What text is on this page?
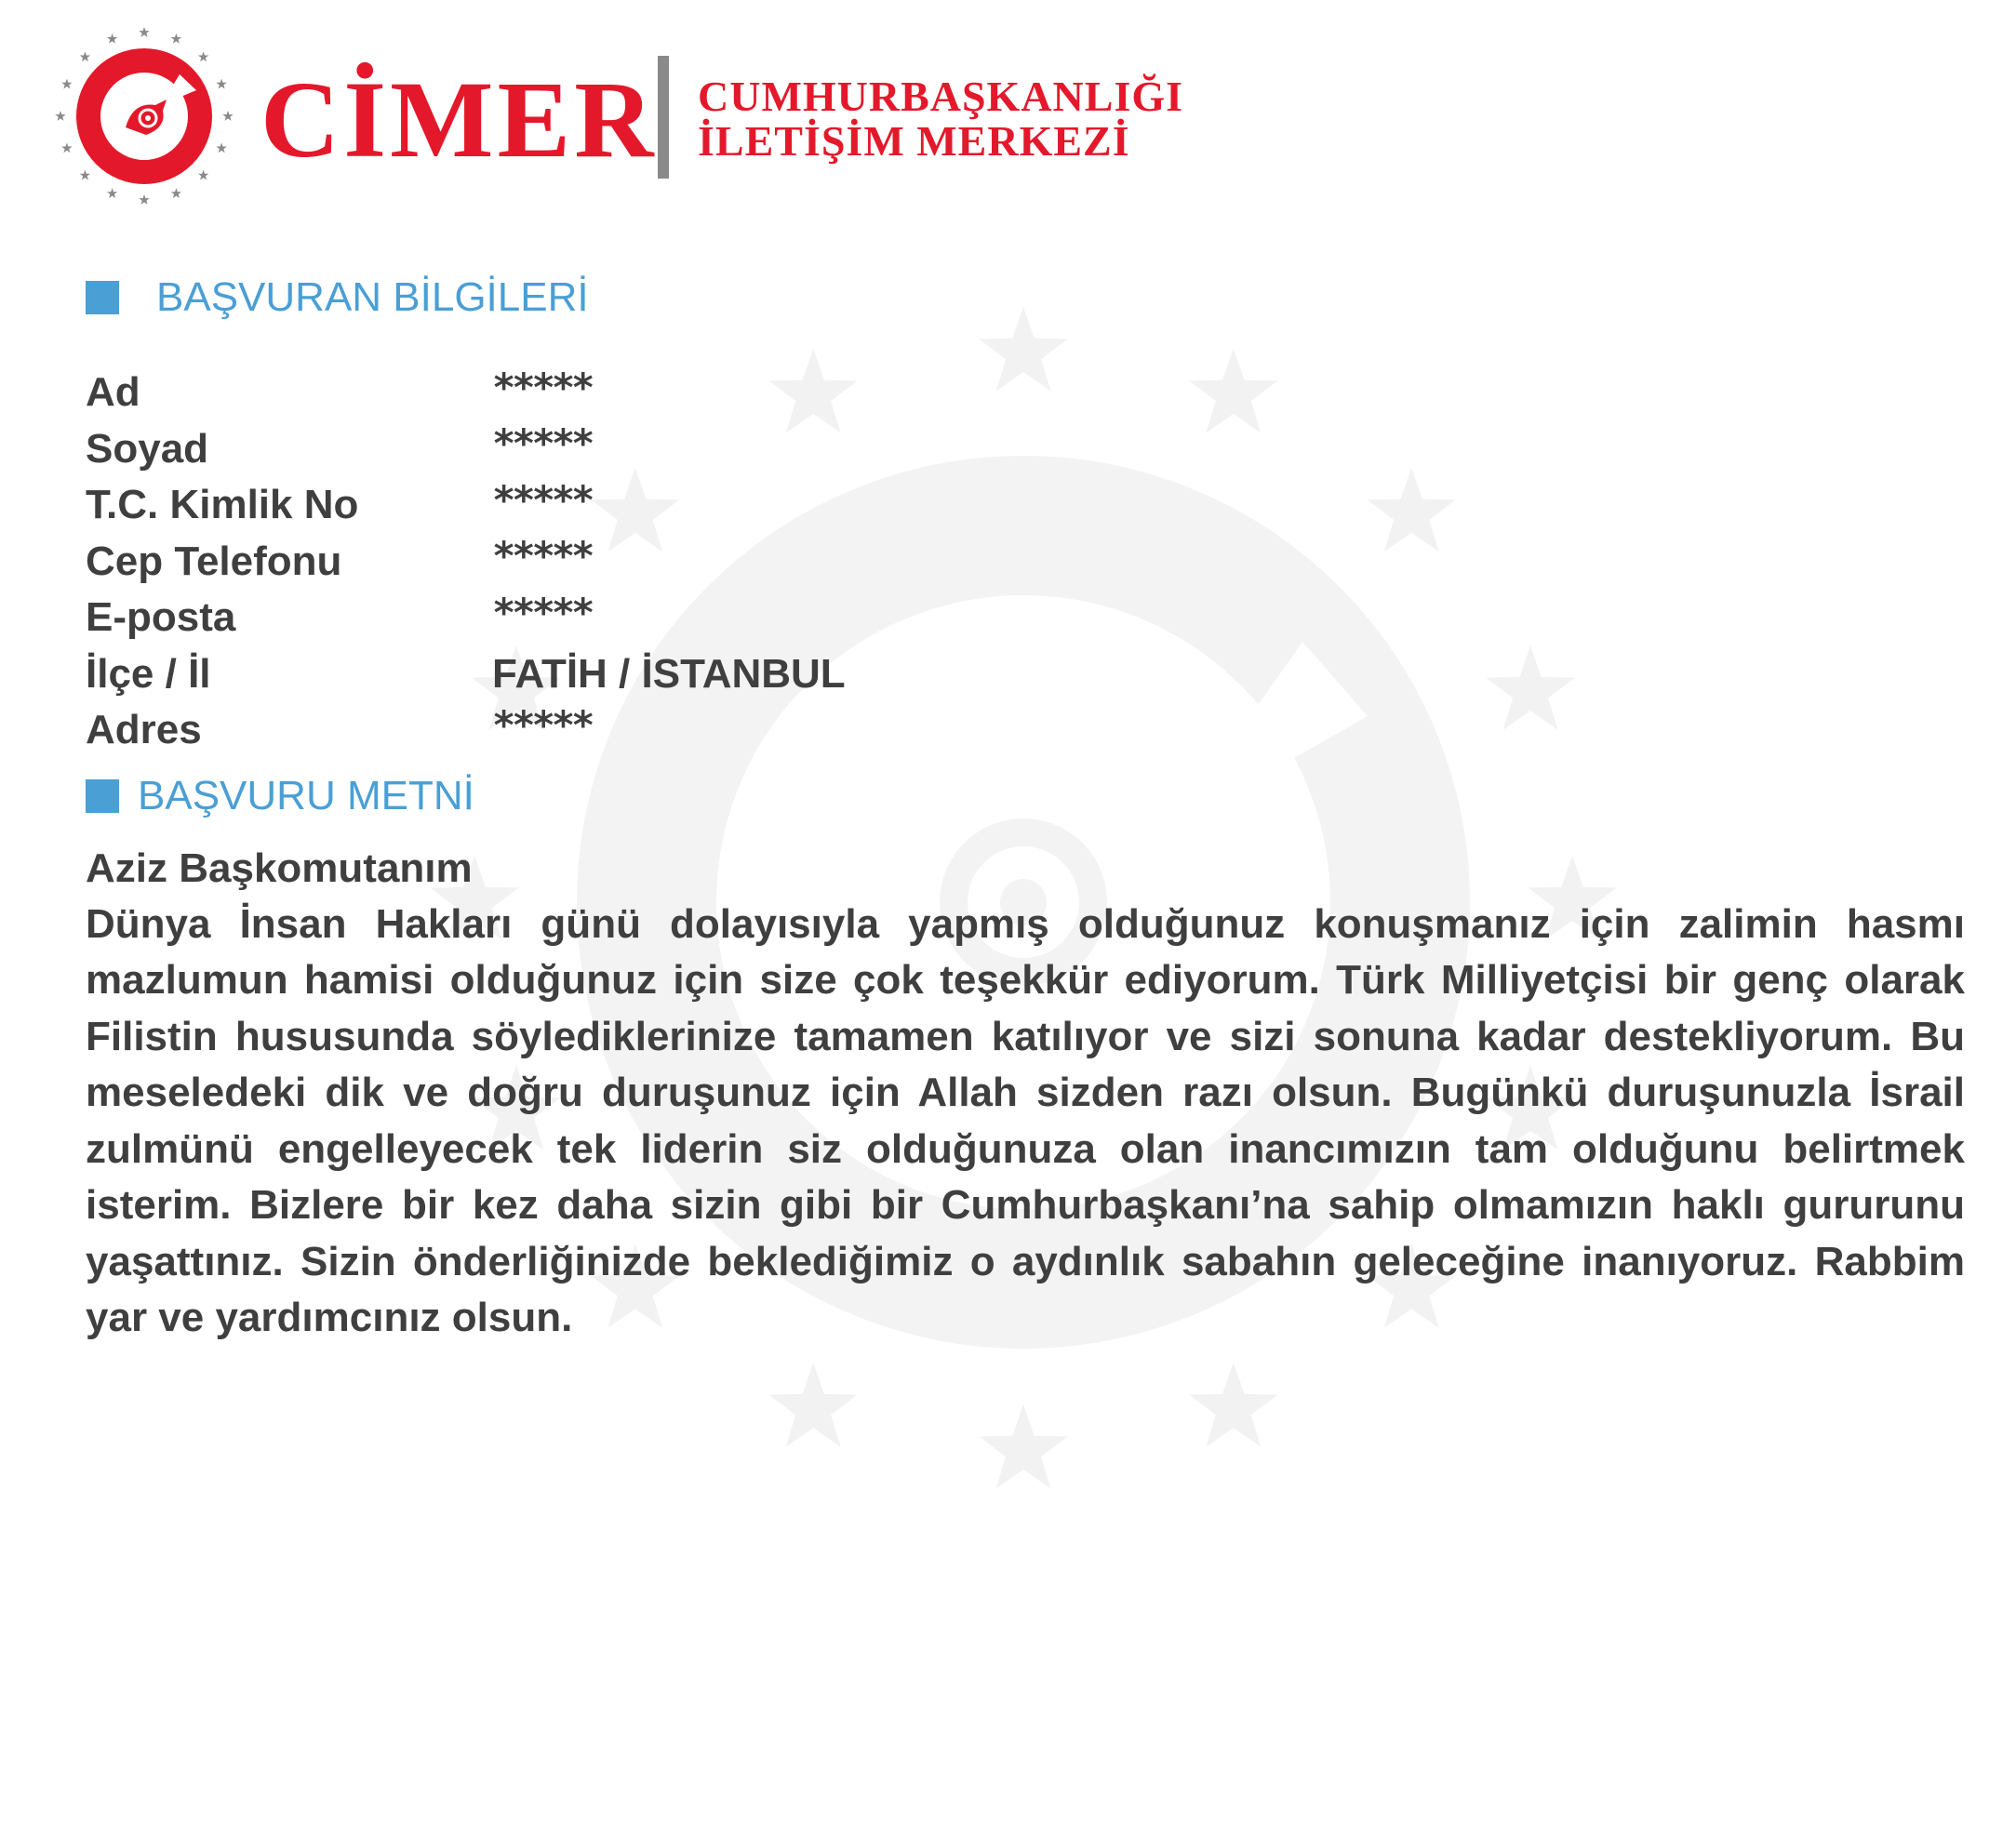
CİMER CUMHURBAŞKANLIĞI
İLETİŞİM MERKEZİ
BAŞVURAN BİLGİLERİ
Ad	*****
Soyad	*****
T.C. Kimlik No	*****
Cep Telefonu	*****
E-posta	*****
İlçe / İl	FATİH / İSTANBUL
Adres	*****
BAŞVURU METNİ
Aziz Başkomutanım

Dünya İnsan Hakları günü dolayısıyla yapmış olduğunuz konuşmanız için zalimin hasmı mazlumun hamisi olduğunuz için size çok teşekkür ediyorum. Türk Milliyetçisi bir genç olarak Filistin hususunda söylediklerinize tamamen katılıyor ve sizi sonuna kadar destekliyorum. Bu meseledeki dik ve doğru duruşunuz için Allah sizden razı olsun. Bugünkü duruşunuzla İsrail zulmünü engelleyecek tek liderin siz olduğunuza olan inancımızın tam olduğunu belirtmek isterim. Bizlere bir kez daha sizin gibi bir Cumhurbaşkanı’na sahip olmamızın haklı gururunu yaşattınız. Sizin önderliğinizde beklediğimiz o aydınlık sabahın geleceğine inanıyoruz. Rabbim yar ve yardımcınız olsun.
